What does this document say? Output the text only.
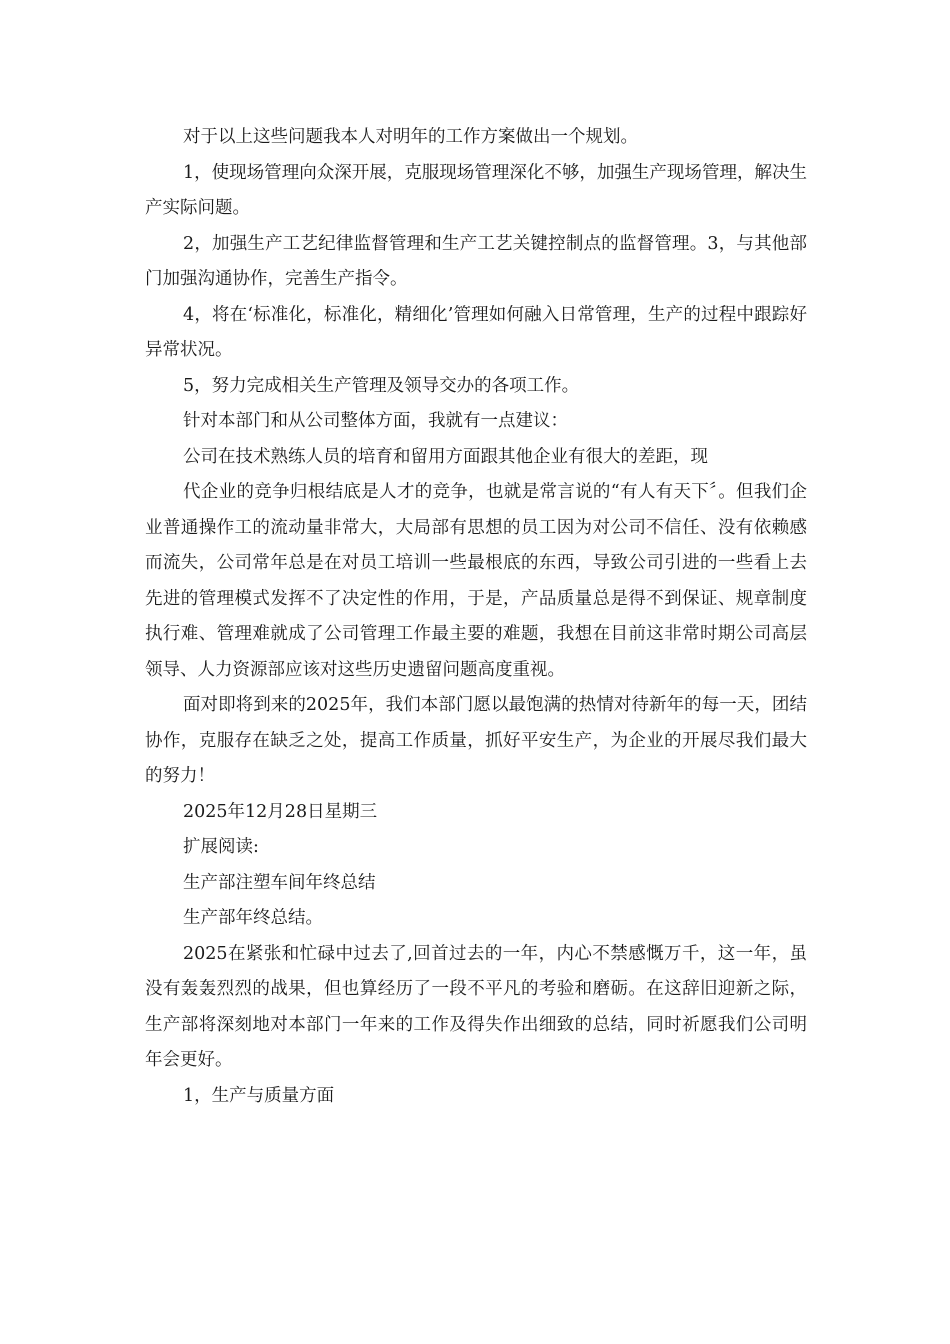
对于以上这些问题我本人对明年的工作方案做出一个规划。

1，使现场管理向众深开展，克服现场管理深化不够，加强生产现场管理，解决生产实际问题。

2，加强生产工艺纪律监督管理和生产工艺关键控制点的监督管理。3，与其他部门加强沟通协作，完善生产指令。

4，将在‘标准化，标准化，精细化’管理如何融入日常管理，生产的过程中跟踪好异常状况。

5，努力完成相关生产管理及领导交办的各项工作。

针对本部门和从公司整体方面，我就有一点建议：

公司在技术熟练人员的培育和留用方面跟其他企业有很大的差距，现

代企业的竞争归根结底是人才的竞争，也就是常言说的“有人有天下〞。但我们企业普通操作工的流动量非常大，大局部有思想的员工因为对公司不信任、没有依赖感而流失，公司常年总是在对员工培训一些最根底的东西，导致公司引进的一些看上去先进的管理模式发挥不了决定性的作用，于是，产品质量总是得不到保证、规章制度执行难、管理难就成了公司管理工作最主要的难题，我想在目前这非常时期公司高层领导、人力资源部应该对这些历史遗留问题高度重视。

面对即将到来的2025年，我们本部门愿以最饱满的热情对待新年的每一天，团结协作，克服存在缺乏之处，提高工作质量，抓好平安生产，为企业的开展尽我们最大的努力！

2025年12月28日星期三

扩展阅读:

生产部注塑车间年终总结

生产部年终总结。

2025在紧张和忙碌中过去了,回首过去的一年，内心不禁感慨万千，这一年，虽没有轰轰烈烈的战果，但也算经历了一段不平凡的考验和磨砺。在这辞旧迎新之际，生产部将深刻地对本部门一年来的工作及得失作出细致的总结，同时祈愿我们公司明年会更好。

1，生产与质量方面
